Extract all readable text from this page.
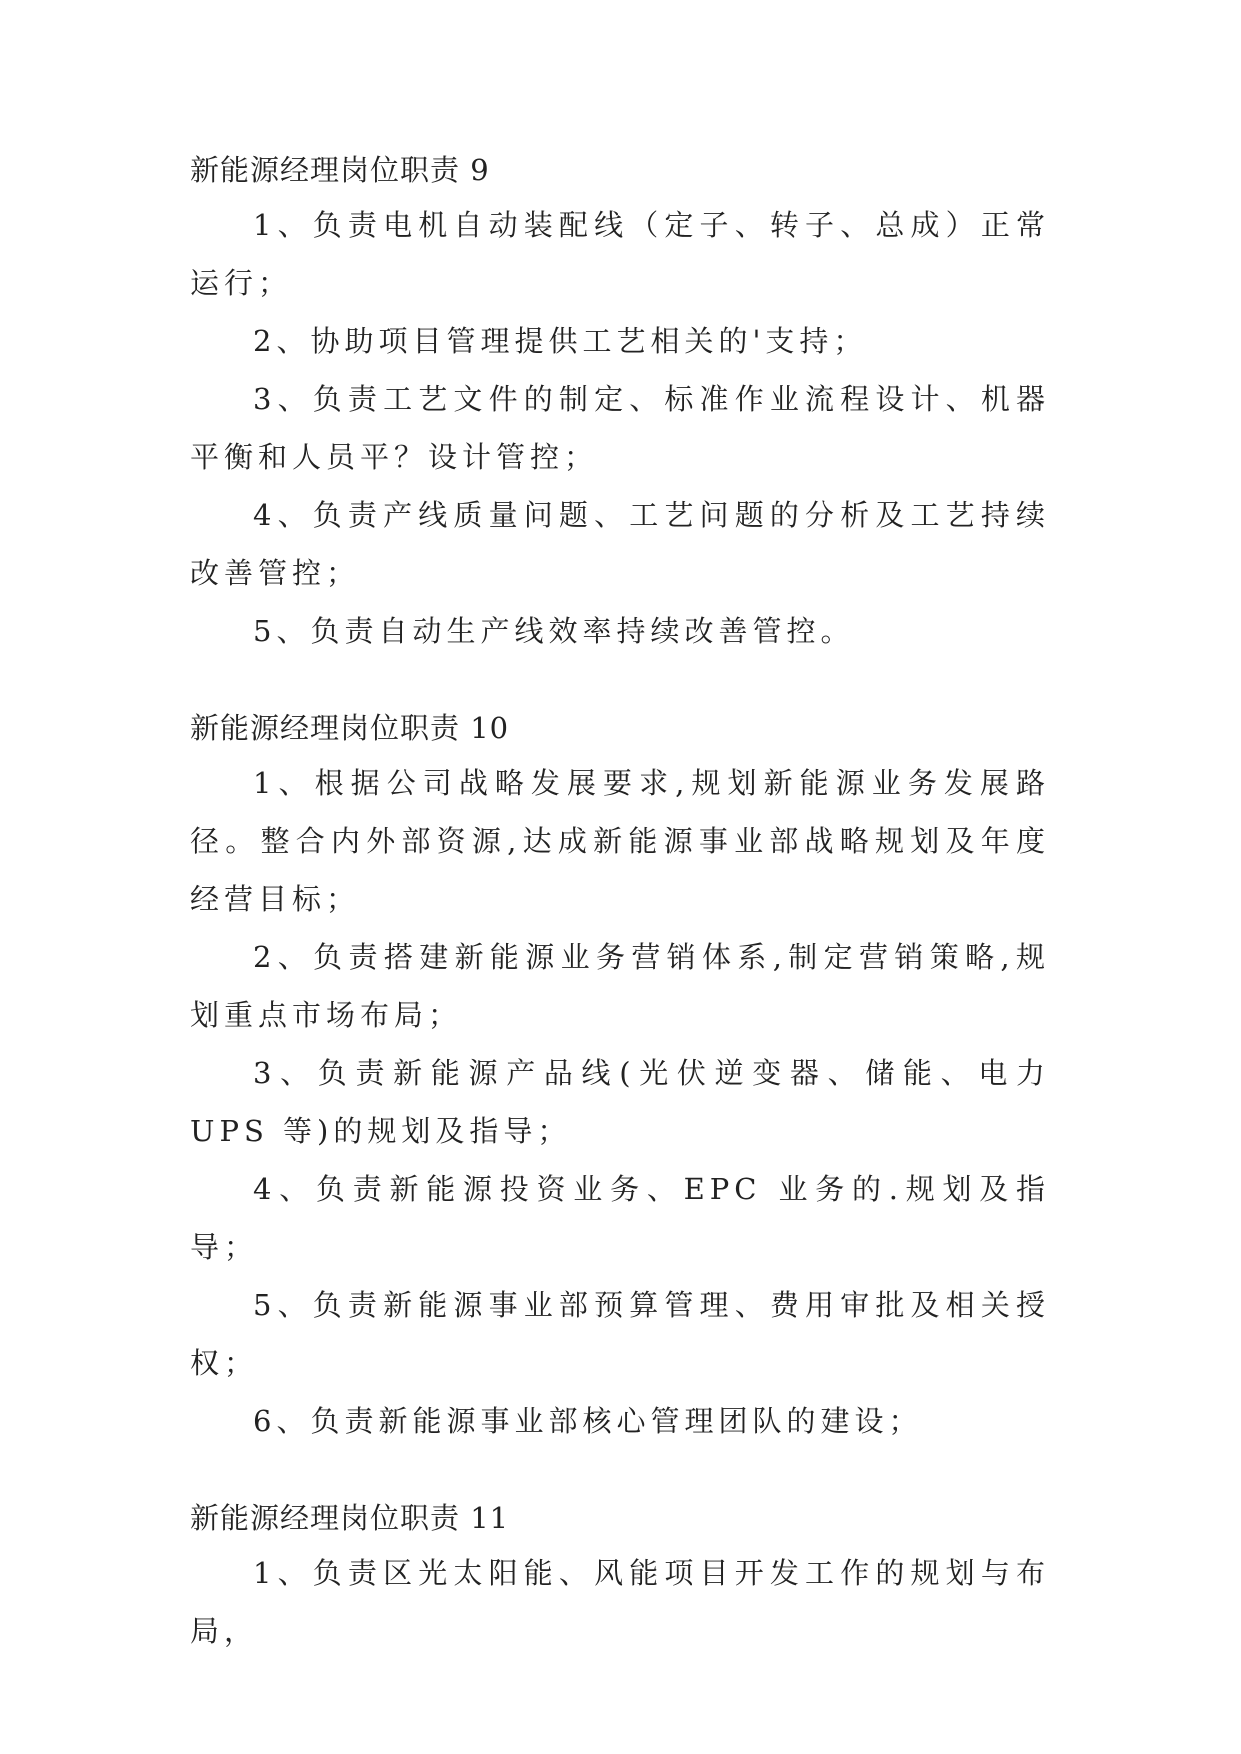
新能源经理岗位职责 9

1、负责电机自动装配线（定子、转子、总成）正常运行；

2、协助项目管理提供工艺相关的'支持；

3、负责工艺文件的制定、标准作业流程设计、机器平衡和人员平？设计管控；

4、负责产线质量问题、工艺问题的分析及工艺持续改善管控；

5、负责自动生产线效率持续改善管控。

新能源经理岗位职责 10

1、根据公司战略发展要求,规划新能源业务发展路径。整合内外部资源,达成新能源事业部战略规划及年度经营目标；

2、负责搭建新能源业务营销体系,制定营销策略,规划重点市场布局；

3、负责新能源产品线(光伏逆变器、储能、电力 UPS 等)的规划及指导；

4、负责新能源投资业务、EPC 业务的.规划及指导；

5、负责新能源事业部预算管理、费用审批及相关授权；

6、负责新能源事业部核心管理团队的建设；

新能源经理岗位职责 11

1、负责区光太阳能、风能项目开发工作的规划与布局，
